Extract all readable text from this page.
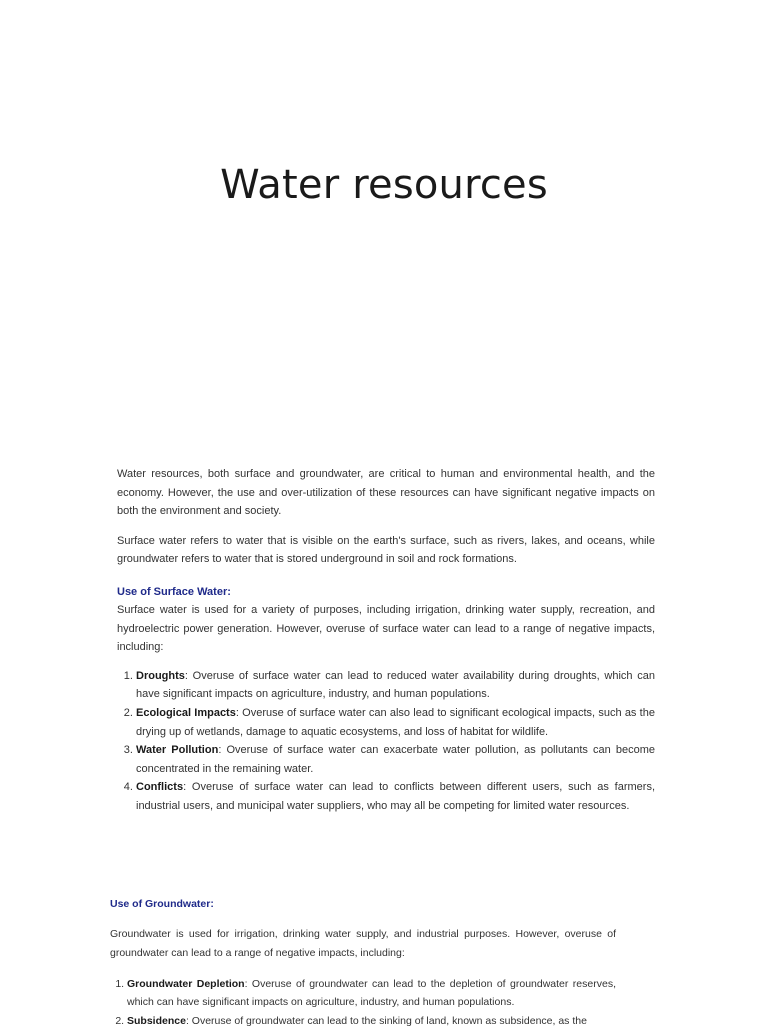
Water resources

Water resources, both surface and groundwater, are critical to human and environmental health, and the economy. However, the use and over-utilization of these resources can have significant negative impacts on both the environment and society.

Surface water refers to water that is visible on the earth's surface, such as rivers, lakes, and oceans, while groundwater refers to water that is stored underground in soil and rock formations.

Use of Surface Water:
Surface water is used for a variety of purposes, including irrigation, drinking water supply, recreation, and hydroelectric power generation. However, overuse of surface water can lead to a range of negative impacts, including:
1. Droughts: Overuse of surface water can lead to reduced water availability during droughts, which can have significant impacts on agriculture, industry, and human populations.
2. Ecological Impacts: Overuse of surface water can also lead to significant ecological impacts, such as the drying up of wetlands, damage to aquatic ecosystems, and loss of habitat for wildlife.
3. Water Pollution: Overuse of surface water can exacerbate water pollution, as pollutants can become concentrated in the remaining water.
4. Conflicts: Overuse of surface water can lead to conflicts between different users, such as farmers, industrial users, and municipal water suppliers, who may all be competing for limited water resources.
Use of Groundwater:

Groundwater is used for irrigation, drinking water supply, and industrial purposes. However, overuse of groundwater can lead to a range of negative impacts, including:

1. Groundwater Depletion: Overuse of groundwater can lead to the depletion of groundwater reserves, which can have significant impacts on agriculture, industry, and human populations.
2. Subsidence: Overuse of groundwater can lead to the sinking of land, known as subsidence, as the
